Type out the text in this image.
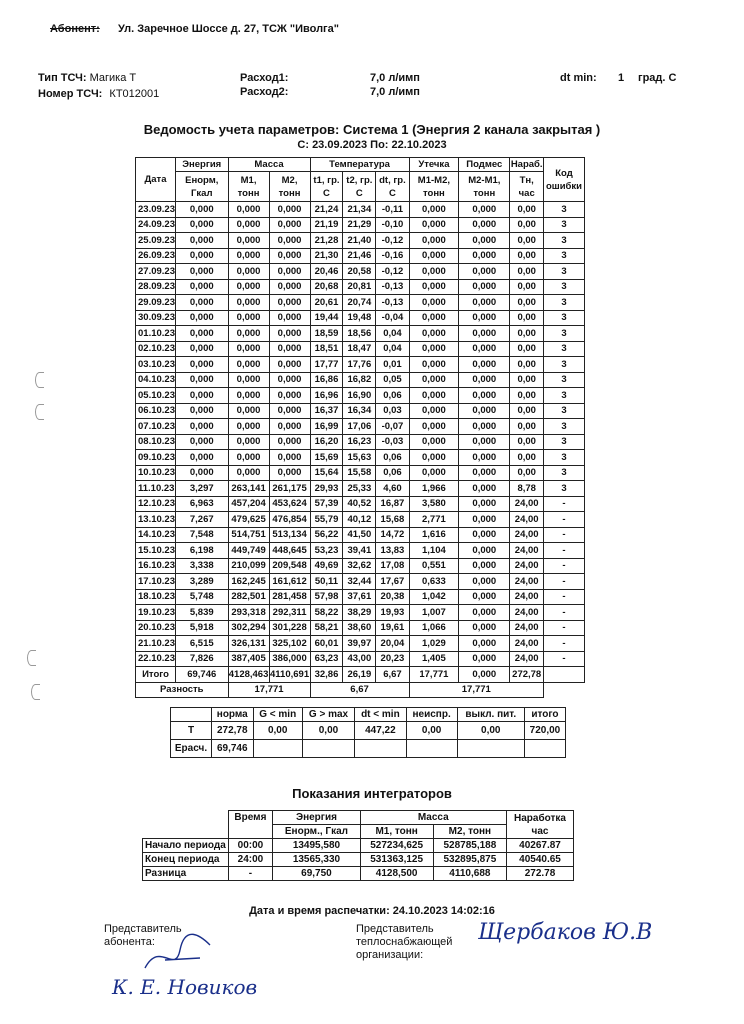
Абонент: Ул. Заречное Шоссе д. 27, ТСЖ "Иволга"
Тип ТСЧ: Магика Т
Номер ТСЧ: КТ012001
Расход1:	7,0 л/имп
Расход2:	7,0 л/имп
dt min: 1 град. С
Ведомость учета параметров: Система 1 (Энергия 2 канала закрытая )
С: 23.09.2023 По: 22.10.2023
Дата	Энергия	Масса		Температура			Утечка	Подмес	Нараб.	Код ошибки
	Енорм, Гкал	М1, тонн	М2, тонн	t1, гр. С	t2, гр. С	dt, гр. С	М1-М2, тонн	М2-М1, тонн	Тн, час	
23.09.23	0,000	0,000	0,000	21,24	21,34	-0,11	0,000	0,000	0,00	3
24.09.23	0,000	0,000	0,000	21,19	21,29	-0,10	0,000	0,000	0,00	3
25.09.23	0,000	0,000	0,000	21,28	21,40	-0,12	0,000	0,000	0,00	3
26.09.23	0,000	0,000	0,000	21,30	21,46	-0,16	0,000	0,000	0,00	3
27.09.23	0,000	0,000	0,000	20,46	20,58	-0,12	0,000	0,000	0,00	3
28.09.23	0,000	0,000	0,000	20,68	20,81	-0,13	0,000	0,000	0,00	3
29.09.23	0,000	0,000	0,000	20,61	20,74	-0,13	0,000	0,000	0,00	3
30.09.23	0,000	0,000	0,000	19,44	19,48	-0,04	0,000	0,000	0,00	3
01.10.23	0,000	0,000	0,000	18,59	18,56	0,04	0,000	0,000	0,00	3
02.10.23	0,000	0,000	0,000	18,51	18,47	0,04	0,000	0,000	0,00	3
03.10.23	0,000	0,000	0,000	17,77	17,76	0,01	0,000	0,000	0,00	3
04.10.23	0,000	0,000	0,000	16,86	16,82	0,05	0,000	0,000	0,00	3
05.10.23	0,000	0,000	0,000	16,96	16,90	0,06	0,000	0,000	0,00	3
06.10.23	0,000	0,000	0,000	16,37	16,34	0,03	0,000	0,000	0,00	3
07.10.23	0,000	0,000	0,000	16,99	17,06	-0,07	0,000	0,000	0,00	3
08.10.23	0,000	0,000	0,000	16,20	16,23	-0,03	0,000	0,000	0,00	3
09.10.23	0,000	0,000	0,000	15,69	15,63	0,06	0,000	0,000	0,00	3
10.10.23	0,000	0,000	0,000	15,64	15,58	0,06	0,000	0,000	0,00	3
11.10.23	3,297	263,141	261,175	29,93	25,33	4,60	1,966	0,000	8,78	3
12.10.23	6,963	457,204	453,624	57,39	40,52	16,87	3,580	0,000	24,00	-
13.10.23	7,267	479,625	476,854	55,79	40,12	15,68	2,771	0,000	24,00	-
14.10.23	7,548	514,751	513,134	56,22	41,50	14,72	1,616	0,000	24,00	-
15.10.23	6,198	449,749	448,645	53,23	39,41	13,83	1,104	0,000	24,00	-
16.10.23	3,338	210,099	209,548	49,69	32,62	17,08	0,551	0,000	24,00	-
17.10.23	3,289	162,245	161,612	50,11	32,44	17,67	0,633	0,000	24,00	-
18.10.23	5,748	282,501	281,458	57,98	37,61	20,38	1,042	0,000	24,00	-
19.10.23	5,839	293,318	292,311	58,22	38,29	19,93	1,007	0,000	24,00	-
20.10.23	5,918	302,294	301,228	58,21	38,60	19,61	1,066	0,000	24,00	-
21.10.23	6,515	326,131	325,102	60,01	39,97	20,04	1,029	0,000	24,00	-
22.10.23	7,826	387,405	386,000	63,23	43,00	20,23	1,405	0,000	24,00	-
Итого	69,746	4128,463	4110,691	32,86	26,19	6,67	17,771	0,000	272,78	
Разность		17,771		6,67			17,771			
	норма	G < min	G > max	dt < min	неиспр.	выкл. пит.	итого
T	272,78	0,00	0,00	447,22	0,00	0,00	720,00
Ерасч.	69,746						
Показания интеграторов
	Время	Энергия	Масса		Наработка час
		Енорм., Гкал	М1, тонн	М2, тонн	
Начало периода	00:00	13495,580	527234,625	528785,188	40267.87
Конец периода	24:00	13565,330	531363,125	532895,875	40540.65
Разница	-	69,750	4128,500	4110,688	272.78
Дата и время распечатки: 24.10.2023 14:02:16
Представитель абонента:
Представитель теплоснабжающей организации:
К. Е. Новиков
Щербаков Ю.В
